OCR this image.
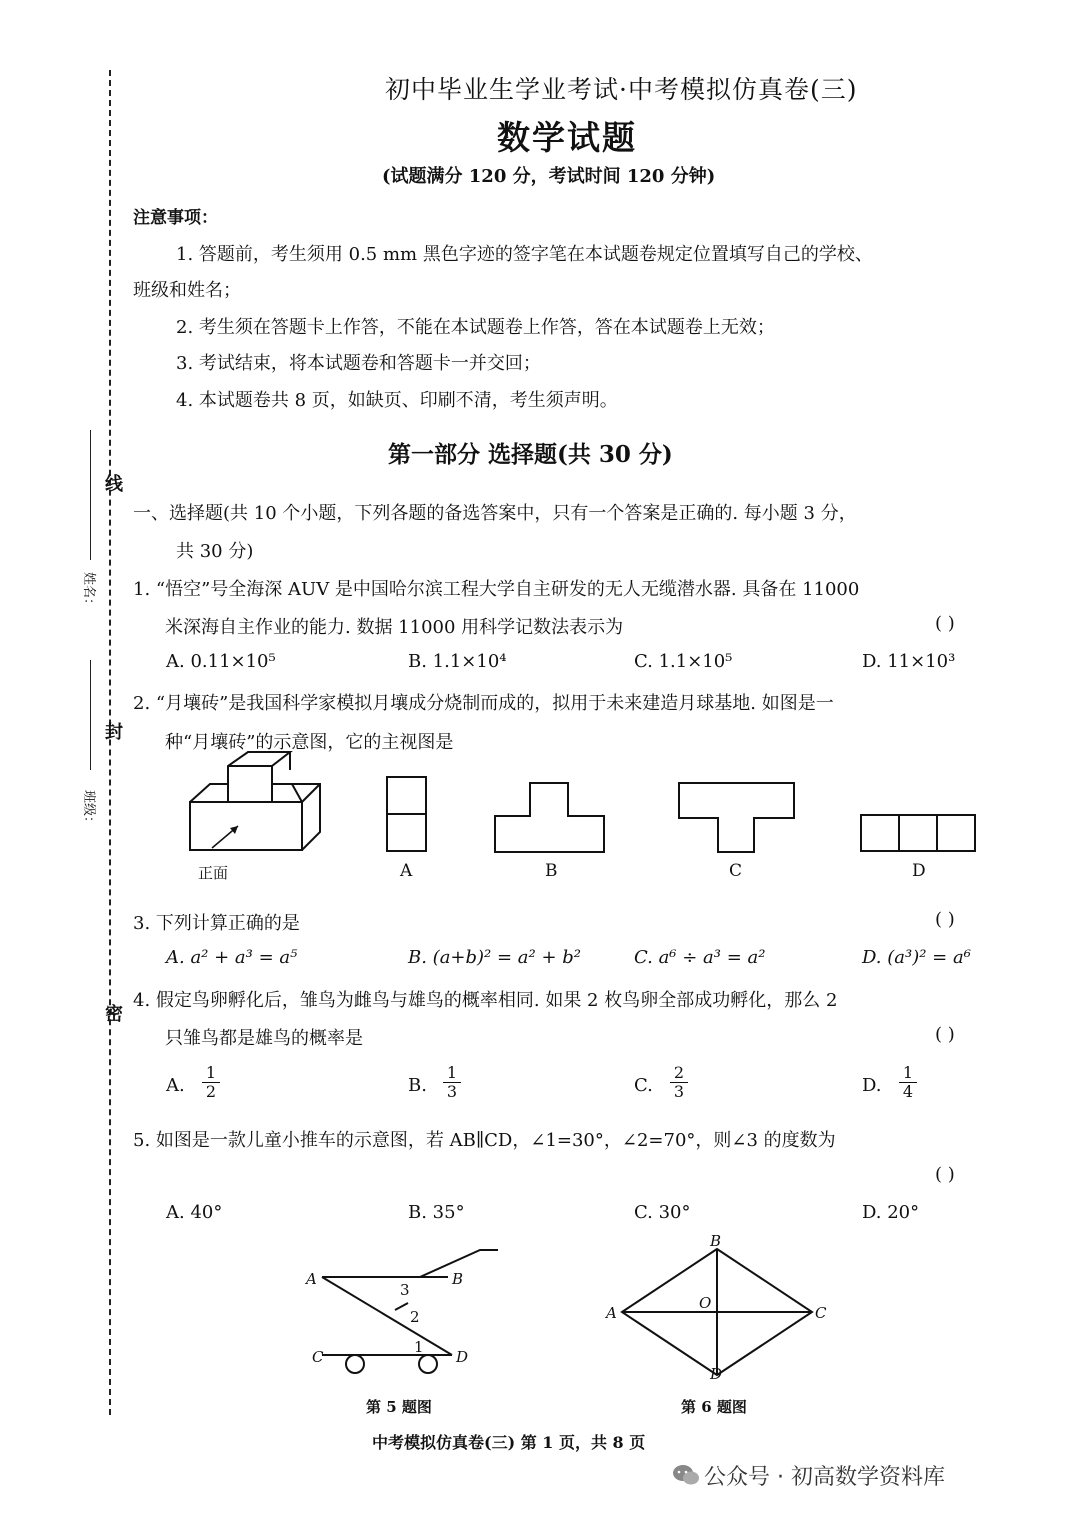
线
封
密
姓名：
班级：
初中毕业生学业考试·中考模拟仿真卷(三)
数学试题
(试题满分 120 分，考试时间 120 分钟)
注意事项：
1. 答题前，考生须用 0.5 mm 黑色字迹的签字笔在本试题卷规定位置填写自己的学校、
班级和姓名；
2. 考生须在答题卡上作答，不能在本试题卷上作答，答在本试题卷上无效；
3. 考试结束，将本试题卷和答题卡一并交回；
4. 本试题卷共 8 页，如缺页、印刷不清，考生须声明。
第一部分 选择题(共 30 分)
一、选择题(共 10 个小题，下列各题的备选答案中，只有一个答案是正确的. 每小题 3 分，
共 30 分)
1. “悟空”号全海深 AUV 是中国哈尔滨工程大学自主研发的无人无缆潜水器. 具备在 11000
米深海自主作业的能力. 数据 11000 用科学记数法表示为	( )
A. 0.11×10⁵	B. 1.1×10⁴	C. 1.1×10⁵	D. 11×10³
2. “月壤砖”是我国科学家模拟月壤成分烧制而成的，拟用于未来建造月球基地. 如图是一
种“月壤砖”的示意图，它的主视图是
正面	A	B	C	D
3. 下列计算正确的是	( )
A. a² + a³ = a⁵	B. (a+b)² = a² + b²	C. a⁶ ÷ a³ = a²	D. (a³)² = a⁶
4. 假定鸟卵孵化后，雏鸟为雌鸟与雄鸟的概率相同. 如果 2 枚鸟卵全部成功孵化，那么 2
只雏鸟都是雄鸟的概率是	( )
A. $\frac{1}{2}$	B. $\frac{1}{3}$	C. $\frac{2}{3}$	D. $\frac{1}{4}$
5. 如图是一款儿童小推车的示意图，若 AB∥CD，∠1=30°，∠2=70°，则∠3 的度数为
( )
A. 40°	B. 35°	C. 30°	D. 20°
A	B
C	D
1
2
3
第 5 题图
A
B
C
D
O
第 6 题图
中考模拟仿真卷(三) 第 1 页，共 8 页
公众号 · 初高数学资料库
